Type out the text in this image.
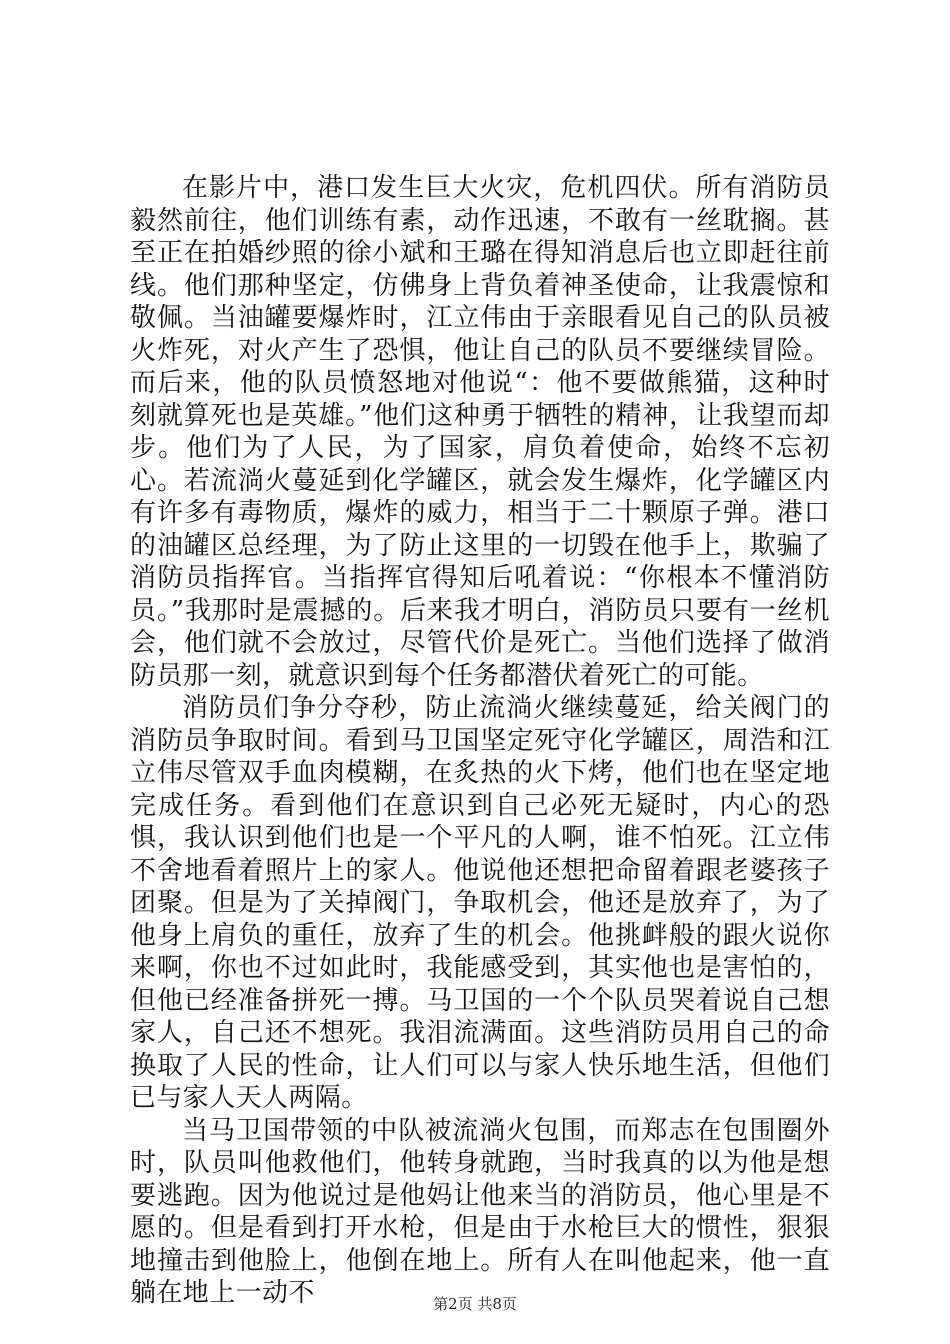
在影片中，港口发生巨大火灾，危机四伏。所有消防员毅然前往，他们训练有素，动作迅速，不敢有一丝耽搁。甚至正在拍婚纱照的徐小斌和王璐在得知消息后也立即赶往前线。他们那种坚定，仿佛身上背负着神圣使命，让我震惊和敬佩。当油罐要爆炸时，江立伟由于亲眼看见自己的队员被火炸死，对火产生了恐惧，他让自己的队员不要继续冒险。而后来，他的队员愤怒地对他说“：他不要做熊猫，这种时刻就算死也是英雄。”他们这种勇于牺牲的精神，让我望而却步。他们为了人民，为了国家，肩负着使命，始终不忘初心。若流淌火蔓延到化学罐区，就会发生爆炸，化学罐区内有许多有毒物质，爆炸的威力，相当于二十颗原子弹。港口的油罐区总经理，为了防止这里的一切毁在他手上，欺骗了消防员指挥官。当指挥官得知后吼着说：“你根本不懂消防员。”我那时是震撼的。后来我才明白，消防员只要有一丝机会，他们就不会放过，尽管代价是死亡。当他们选择了做消防员那一刻，就意识到每个任务都潜伏着死亡的可能。

消防员们争分夺秒，防止流淌火继续蔓延，给关阀门的消防员争取时间。看到马卫国坚定死守化学罐区，周浩和江立伟尽管双手血肉模糊，在炙热的火下烤，他们也在坚定地完成任务。看到他们在意识到自己必死无疑时，内心的恐惧，我认识到他们也是一个平凡的人啊，谁不怕死。江立伟不舍地看着照片上的家人。他说他还想把命留着跟老婆孩子团聚。但是为了关掉阀门，争取机会，他还是放弃了，为了他身上肩负的重任，放弃了生的机会。他挑衅般的跟火说你来啊，你也不过如此时，我能感受到，其实他也是害怕的，但他已经准备拼死一搏。马卫国的一个个队员哭着说自己想家人，自己还不想死。我泪流满面。这些消防员用自己的命换取了人民的性命，让人们可以与家人快乐地生活，但他们已与家人天人两隔。

当马卫国带领的中队被流淌火包围，而郑志在包围圈外时，队员叫他救他们，他转身就跑，当时我真的以为他是想要逃跑。因为他说过是他妈让他来当的消防员，他心里是不愿的。但是看到打开水枪，但是由于水枪巨大的惯性，狠狠地撞击到他脸上，他倒在地上。所有人在叫他起来，他一直躺在地上一动不	第2页 共8页
